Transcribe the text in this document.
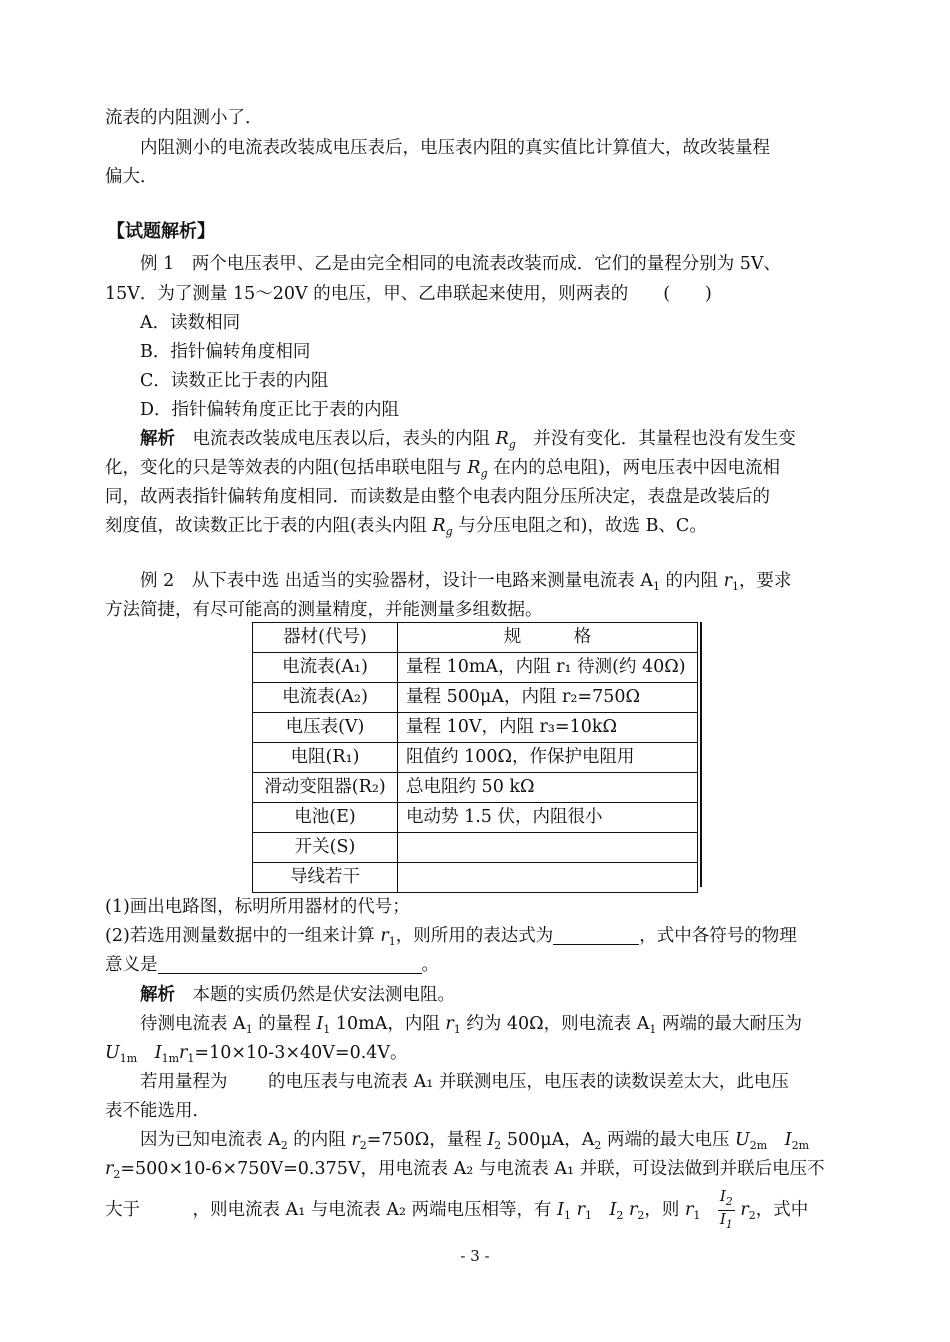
流表的内阻测小了．
内阻测小的电流表改装成电压表后，电压表内阻的真实值比计算值大，故改装量程
偏大．
【试题解析】
例 1　两个电压表甲、乙是由完全相同的电流表改装而成．它们的量程分别为 5V、
15V．为了测量 15～20V 的电压，甲、乙串联起来使用，则两表的　　(　　)
A．读数相同
B．指针偏转角度相同
C．读数正比于表的内阻
D．指针偏转角度正比于表的内阻
解析　电流表改装成电压表以后，表头的内阻 $R_g$　并没有变化．其量程也没有发生变
化，变化的只是等效表的内阻(包括串联电阻与 $R_g$ 在内的总电阻)，两电压表中因电流相
同，故两表指针偏转角度相同．而读数是由整个电表内阻分压所决定，表盘是改装后的
刻度值，故读数正比于表的内阻(表头内阻 $R_g$ 与分压电阻之和)，故选 B、C。
例 2　从下表中选 出适当的实验器材，设计一电路来测量电流表 $A_1$ 的内阻 $r_1$，要求
方法简捷，有尽可能高的测量精度，并能测量多组数据。
器材(代号)	规　　　格
电流表(A₁)	量程 10mA，内阻 r₁ 待测(约 40Ω)
电流表(A₂)	量程 500μA，内阻 r₂=750Ω
电压表(V)	量程 10V，内阻 r₃=10kΩ
电阻(R₁)	阻值约 100Ω，作保护电阻用
滑动变阻器(R₂)	总电阻约 50 kΩ
电池(E)	电动势 1.5 伏，内阻很小
开关(S)	
导线若干	
(1)画出电路图，标明所用器材的代号；
(2)若选用测量数据中的一组来计算 $r_1$，则所用的表达式为	，式中各符号的物理
意义是	。
解析　本题的实质仍然是伏安法测电阻。
待测电流表 $A_1$ 的量程 $I_1$ 10mA，内阻 $r_1$ 约为 40Ω，则电流表 $A_1$ 两端的最大耐压为
$U_{1m}$　 $I_{1m}r_1=10\times 10-3\times 40V=0.4V$。
若用量程为　　 的电压表与电流表 A₁ 并联测电压，电压表的读数误差太大，此电压
表不能选用．
因为已知电流表 $A_2$ 的内阻 $r_2=750\Omega$，量程 $I_2$ 500μA，$A_2$ 两端的最大电压 $U_{2m}$　 $I_{2m}$
$r_2=500\times 10-6\times 750V=0.375V$，用电流表 A₂ 与电流表 A₁ 并联，可设法做到并联后电压不
大于　　　，则电流表 A₁ 与电流表 A₂ 两端电压相等，有 $I_1$ $r_1$　 $I_2$ $r_2$，则 $r_1$　 $\frac{I_2}{I_1} r_2$，式中
- 3 -
